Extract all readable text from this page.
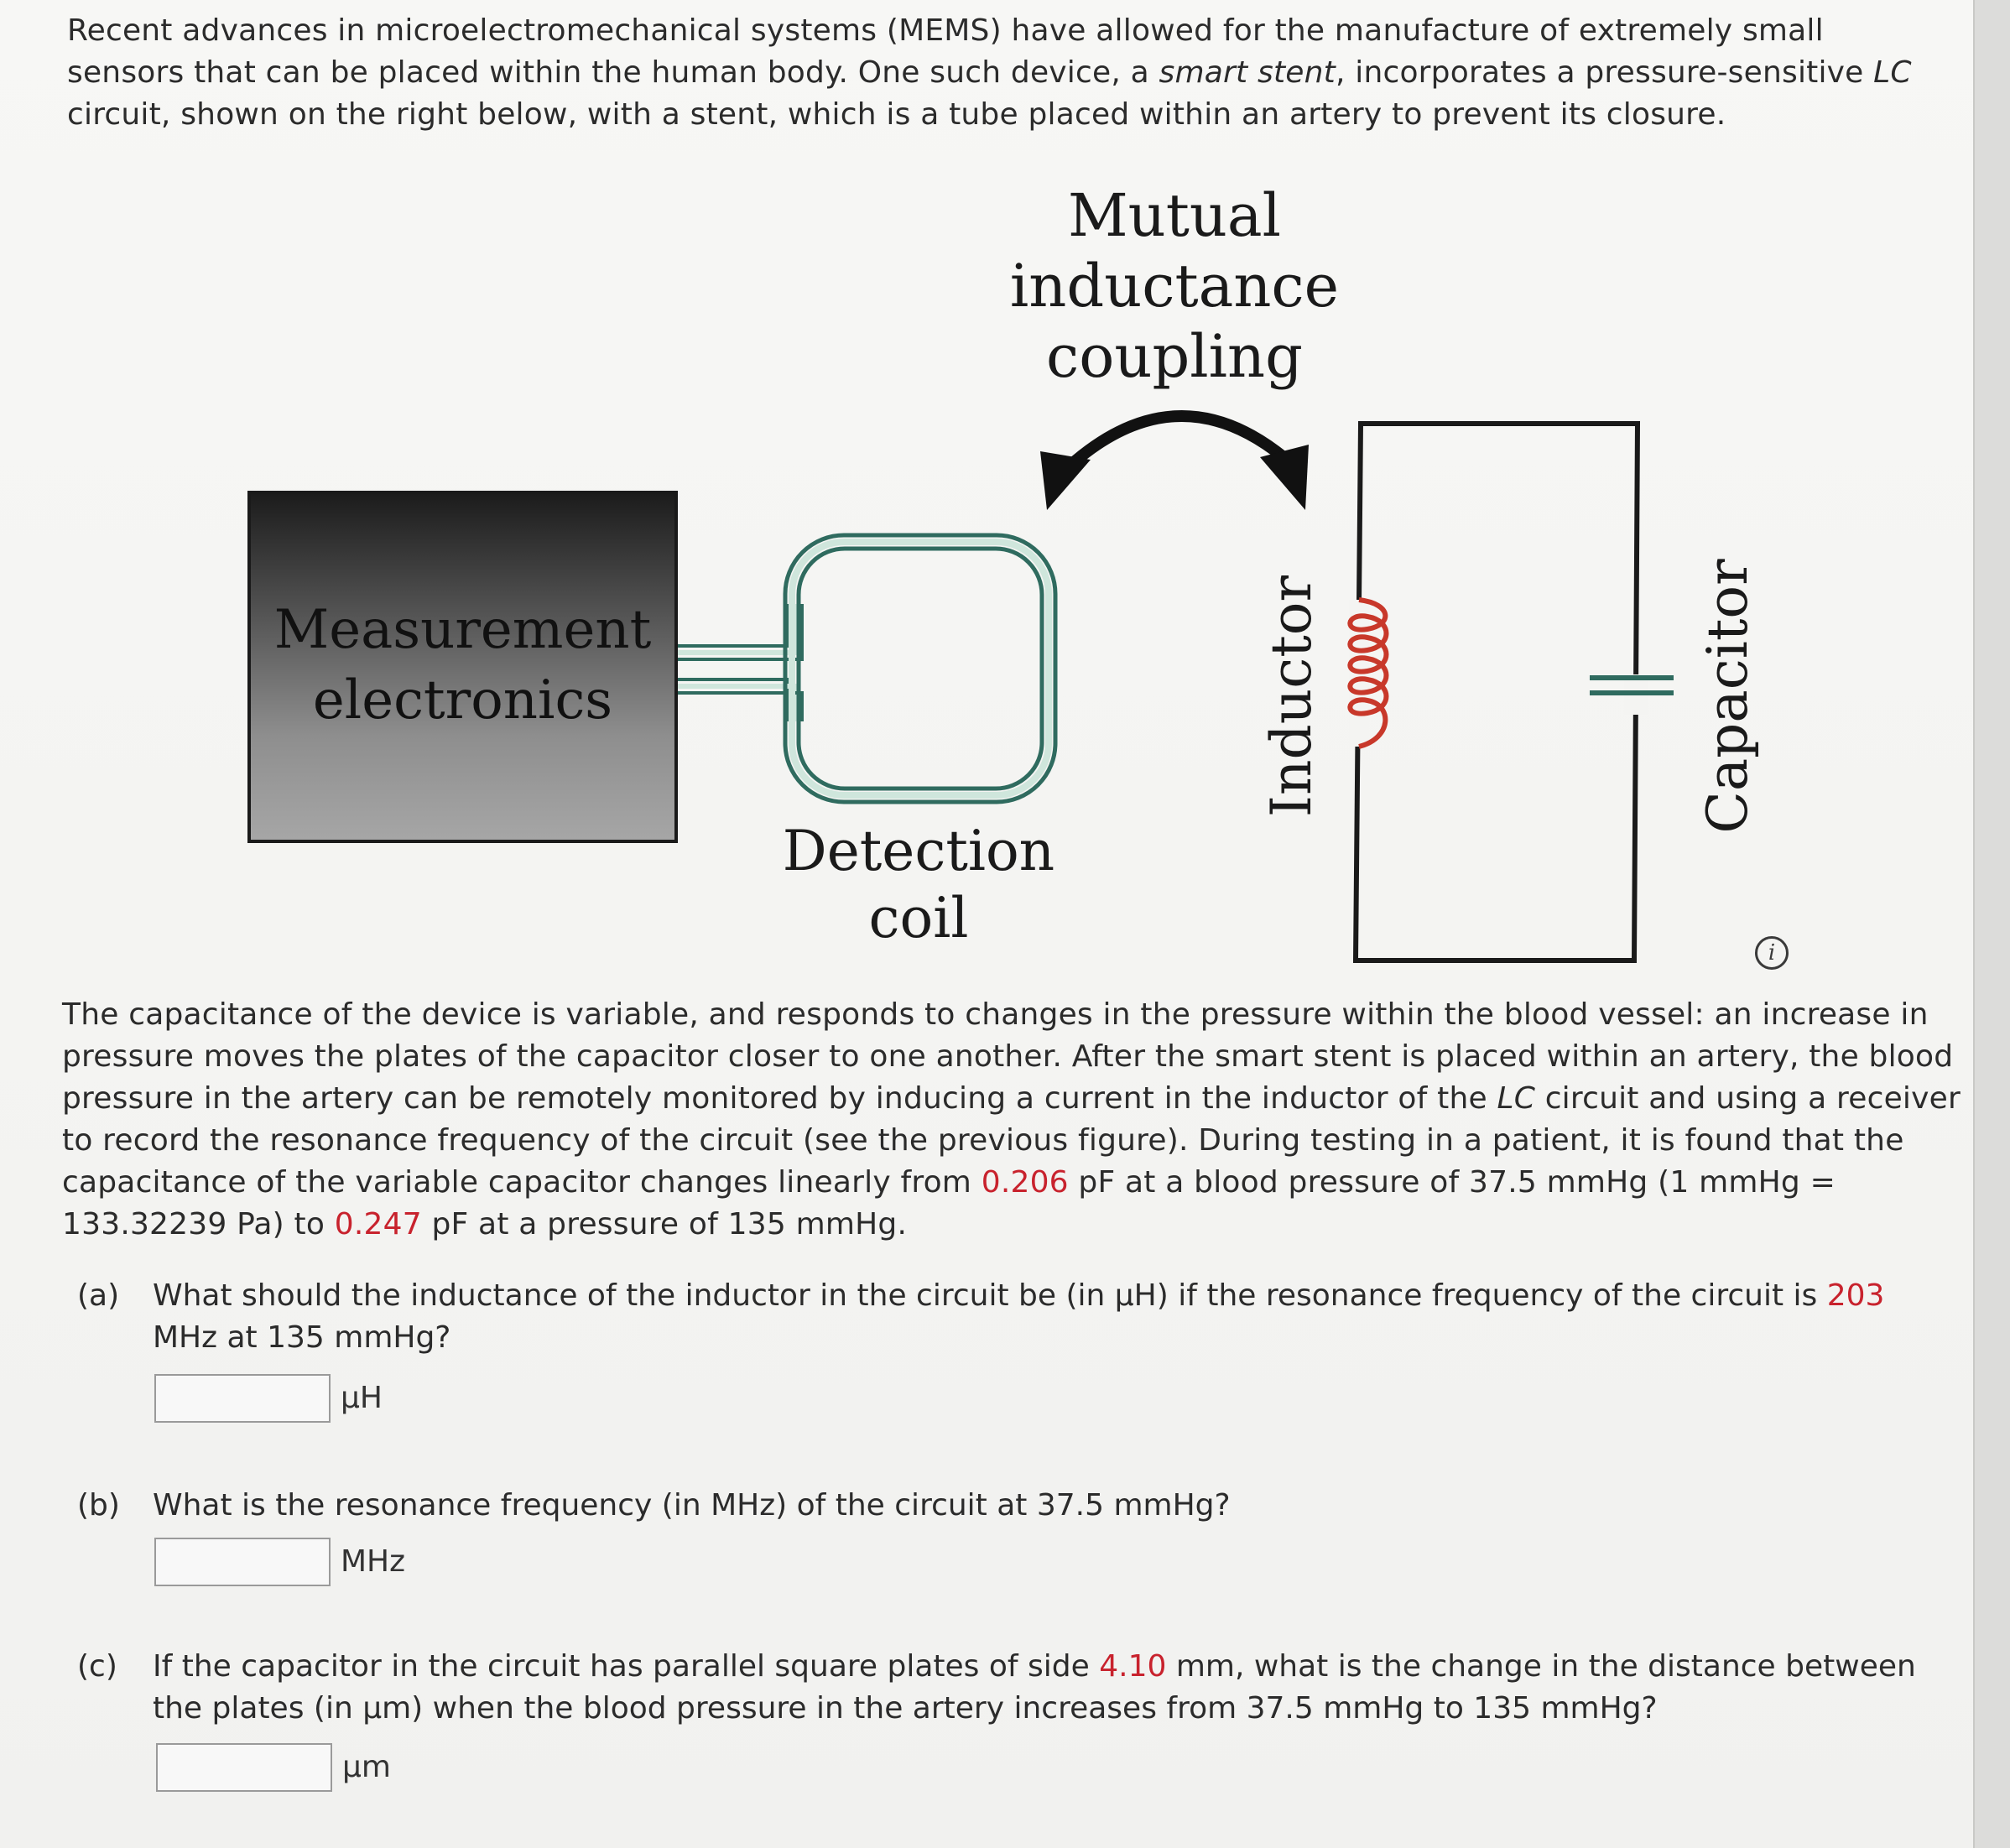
Recent advances in microelectromechanical systems (MEMS) have allowed for the manufacture of extremely small sensors that can be placed within the human body. One such device, a smart stent, incorporates a pressure-sensitive LC circuit, shown on the right below, with a stent, which is a tube placed within an artery to prevent its closure.
Mutual
inductance
coupling
Measurement
electronics
Detection
coil
Inductor	Capacitor
i
The capacitance of the device is variable, and responds to changes in the pressure within the blood vessel: an increase in pressure moves the plates of the capacitor closer to one another. After the smart stent is placed within an artery, the blood pressure in the artery can be remotely monitored by inducing a current in the inductor of the LC circuit and using a receiver to record the resonance frequency of the circuit (see the previous figure). During testing in a patient, it is found that the capacitance of the variable capacitor changes linearly from 0.206 pF at a blood pressure of 37.5 mmHg (1 mmHg = 133.32239 Pa) to 0.247 pF at a pressure of 135 mmHg.
(a) What should the inductance of the inductor in the circuit be (in μH) if the resonance frequency of the circuit is 203 MHz at 135 mmHg?
μH
(b) What is the resonance frequency (in MHz) of the circuit at 37.5 mmHg?
MHz
(c) If the capacitor in the circuit has parallel square plates of side 4.10 mm, what is the change in the distance between the plates (in μm) when the blood pressure in the artery increases from 37.5 mmHg to 135 mmHg?
μm
